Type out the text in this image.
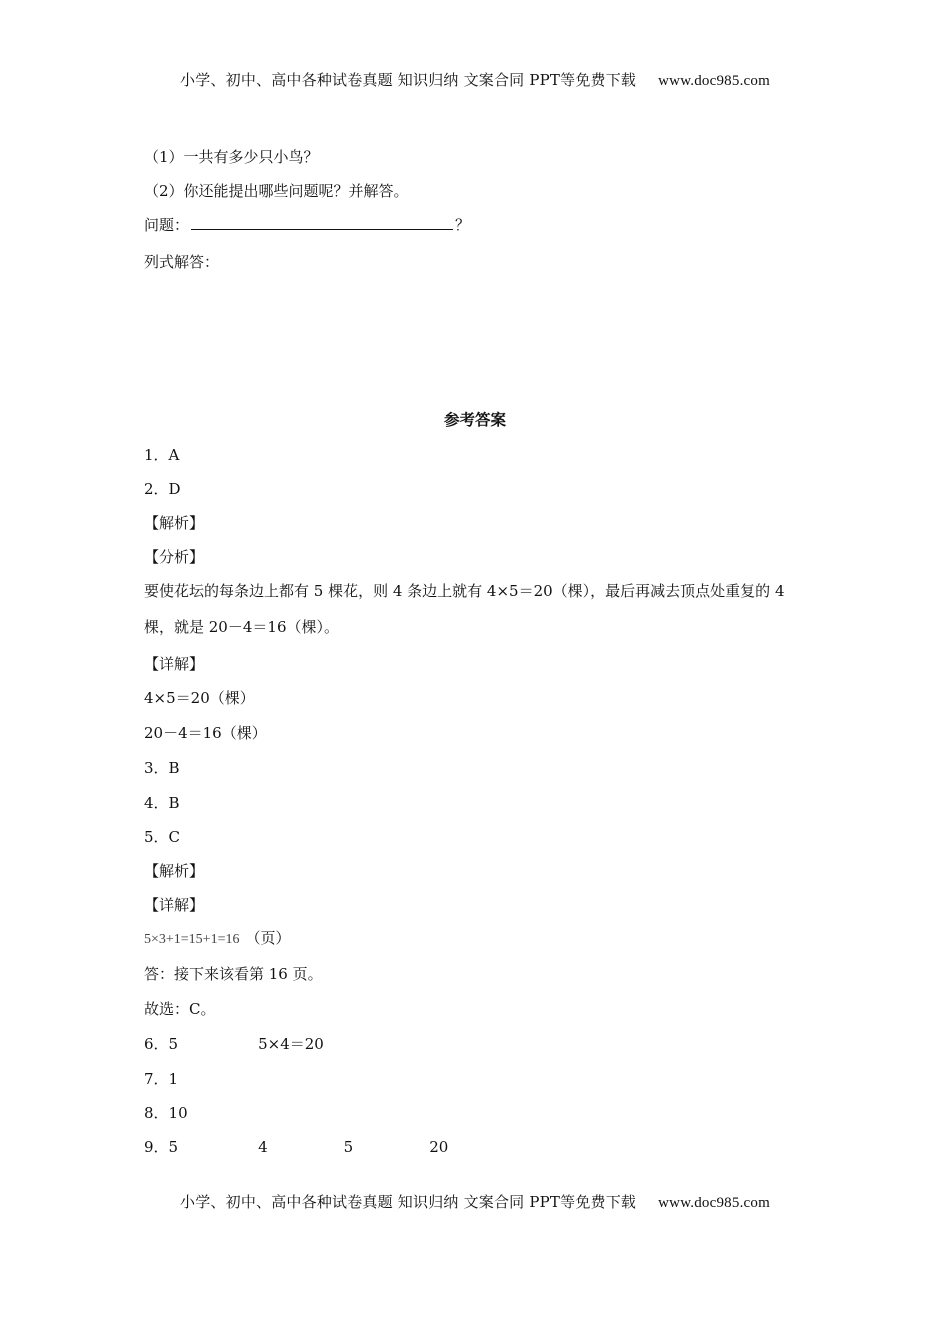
小学、初中、高中各种试卷真题 知识归纳 文案合同 PPT等免费下载 www.doc985.com
（1）一共有多少只小鸟？
（2）你还能提出哪些问题呢？并解答。
问题：	？
列式解答：
参考答案
1．A
2．D
【解析】
【分析】
要使花坛的每条边上都有 5 棵花，则 4 条边上就有 4×5＝20（棵），最后再减去顶点处重复的 4 棵，就是 20－4＝16（棵）。
【详解】
4×5＝20（棵）
20－4＝16（棵）
3．B
4．B
5．C
【解析】
【详解】
5×3+1=15+1=16 （页）
答：接下来该看第 16 页。
故选：C。
6．5	5×4＝20
7．1
8．10
9．5	4	5	20
小学、初中、高中各种试卷真题 知识归纳 文案合同 PPT等免费下载 www.doc985.com
